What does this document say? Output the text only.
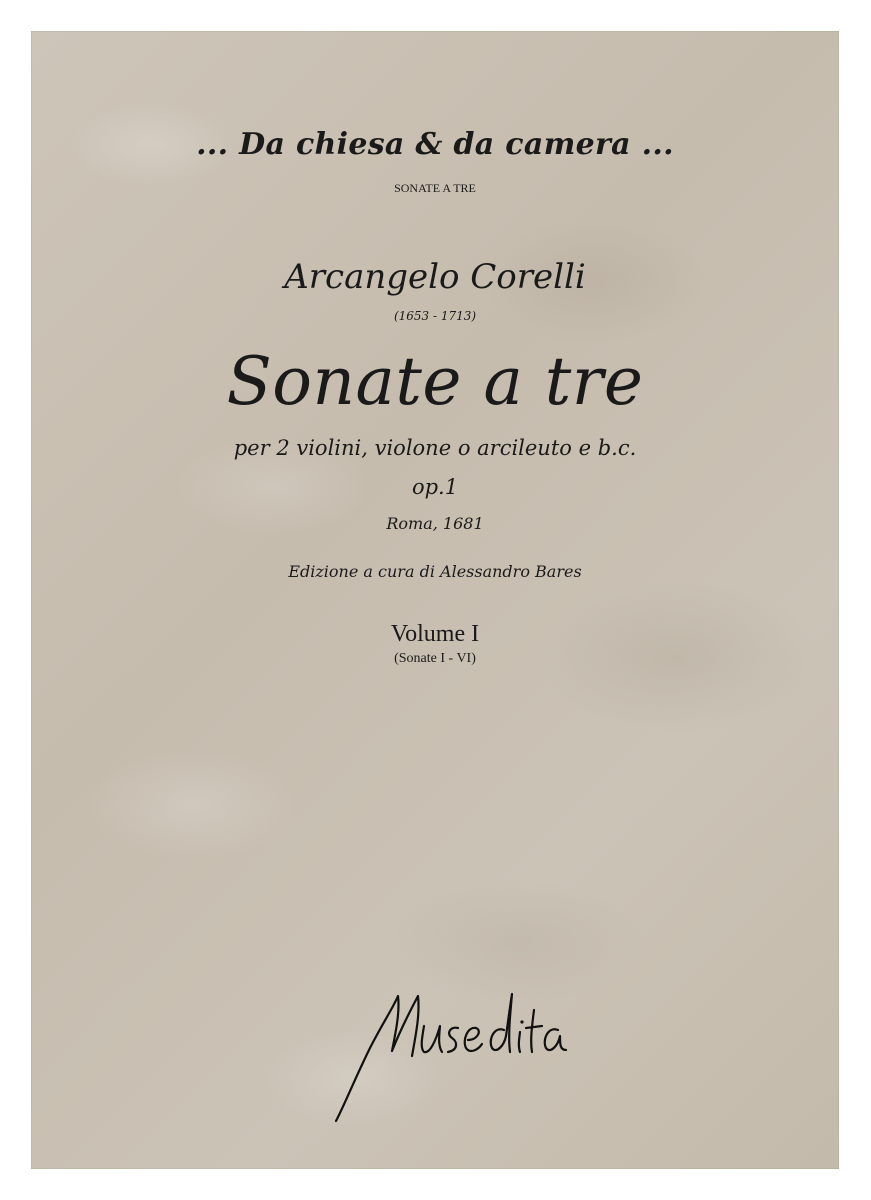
... Da chiesa & da camera ...
SONATE A TRE
Arcangelo Corelli
(1653 - 1713)
Sonate a tre
per 2 violini, violone o arcileuto e b.c.
op.1
Roma, 1681
Edizione a cura di Alessandro Bares
Volume I
(Sonate I - VI)
